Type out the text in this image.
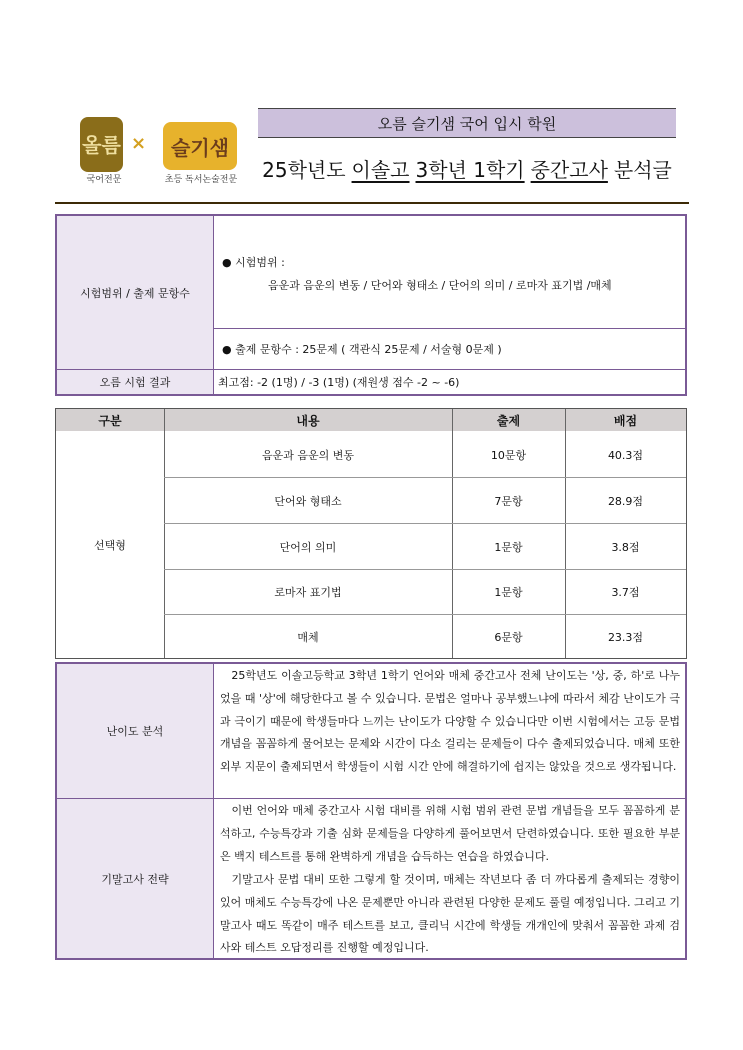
올름
국어전문
×	슬기샘
초등 독서논술전문
오름 슬기샘 국어 입시 학원
25학년도 이솔고 3학년 1학기 중간고사 분석글
시험범위 / 출제 문항수
● 시험범위 :
음운과 음운의 변동 / 단어와 형태소 / 단어의 의미 / 로마자 표기법 /매체
● 출제 문항수 : 25문제 ( 객관식 25문제 / 서술형 0문제 )
오름 시험 결과	최고점: -2 (1명) / -3 (1명) (재원생 점수 -2 ~ -6)
구분	내용	출제	배점
선택형
음운과 음운의 변동	10문항	40.3점
단어와 형태소	7문항	28.9점
단어의 의미	1문항	3.8점
로마자 표기법	1문항	3.7점
매체	6문항	23.3점
난이도 분석
　25학년도 이솔고등학교 3학년 1학기 언어와 매체 중간고사 전체 난이도는 '상, 중, 하'로 나누었을 때 '상'에 해당한다고 볼 수 있습니다. 문법은 얼마나 공부했느냐에 따라서 체감 난이도가 극과 극이기 때문에 학생들마다 느끼는 난이도가 다양할 수 있습니다만 이번 시험에서는 고등 문법 개념을 꼼꼼하게 물어보는 문제와 시간이 다소 걸리는 문제들이 다수 출제되었습니다. 매체 또한 외부 지문이 출제되면서 학생들이 시험 시간 안에 해결하기에 쉽지는 않았을 것으로 생각됩니다.
기말고사 전략
　이번 언어와 매체 중간고사 시험 대비를 위해 시험 범위 관련 문법 개념들을 모두 꼼꼼하게 분석하고, 수능특강과 기출 심화 문제들을 다양하게 풀어보면서 단련하였습니다. 또한 필요한 부분은 백지 테스트를 통해 완벽하게 개념을 습득하는 연습을 하였습니다.
　기말고사 문법 대비 또한 그렇게 할 것이며, 매체는 작년보다 좀 더 까다롭게 출제되는 경향이 있어 매체도 수능특강에 나온 문제뿐만 아니라 관련된 다양한 문제도 풀릴 예정입니다. 그리고 기말고사 때도 똑같이 매주 테스트를 보고, 클리닉 시간에 학생들 개개인에 맞춰서 꼼꼼한 과제 검사와 테스트 오답정리를 진행할 예정입니다.
